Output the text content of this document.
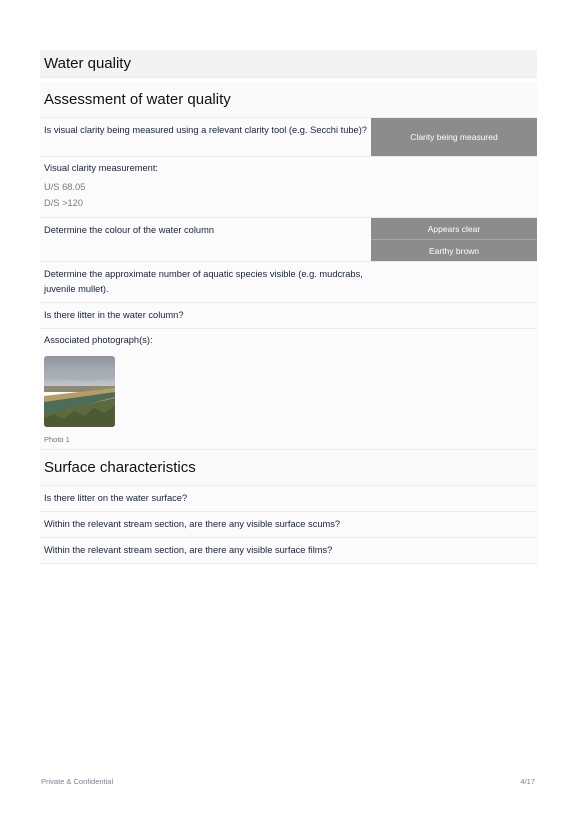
Water quality
Assessment of water quality
Is visual clarity being measured using a relevant clarity tool (e.g. Secchi tube)?
Clarity being measured
Visual clarity measurement:
U/S 68.05
D/S >120
Determine the colour of the water column	Appears clear
Earthy brown
Determine the approximate number of aquatic species visible (e.g. mudcrabs, juvenile mullet).
Is there litter in the water column?
Associated photograph(s):
Photo 1
Surface characteristics
Is there litter on the water surface?
Within the relevant stream section, are there any visible surface scums?
Within the relevant stream section, are there any visible surface films?
Private & Confidential	4/17
